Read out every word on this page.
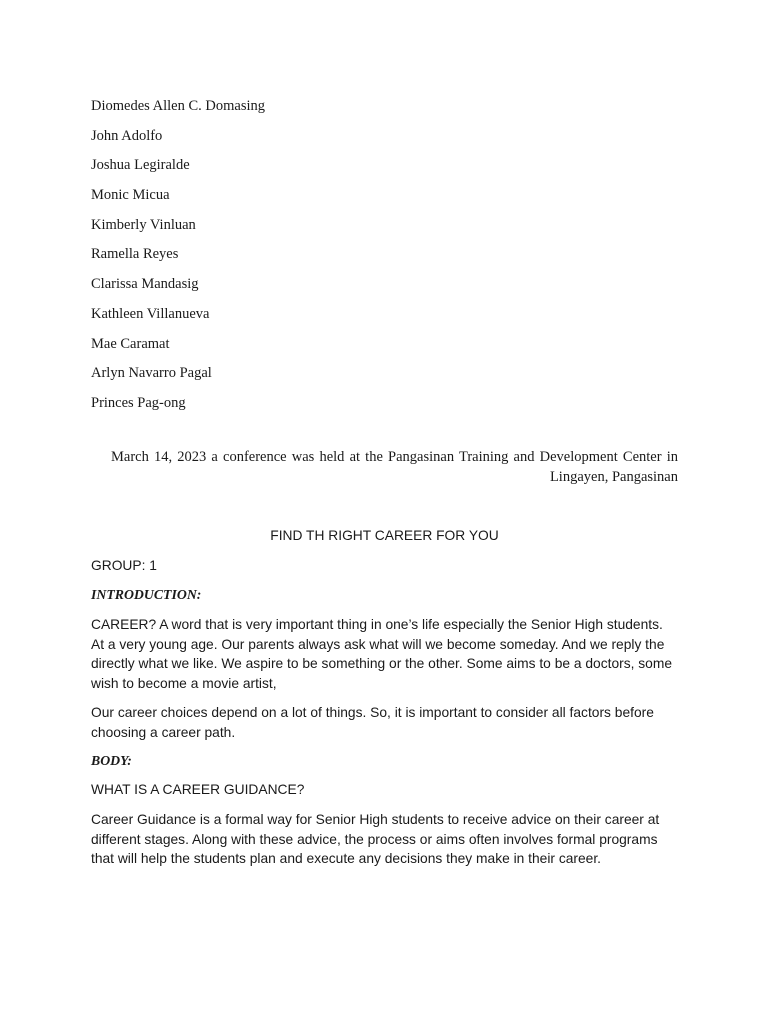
Diomedes Allen C. Domasing
John Adolfo
Joshua Legiralde
Monic Micua
Kimberly Vinluan
Ramella Reyes
Clarissa Mandasig
Kathleen Villanueva
Mae Caramat
Arlyn Navarro Pagal
Princes Pag-ong

March 14, 2023 a conference was held at the Pangasinan Training and Development Center in Lingayen, Pangasinan

FIND TH RIGHT CAREER FOR YOU

GROUP: 1

INTRODUCTION:

CAREER? A word that is very important thing in one’s life especially the Senior High students. At a very young age. Our parents always ask what will we become someday. And we reply the directly what we like. We aspire to be something or the other. Some aims to be a doctors, some wish to become a movie artist,

Our career choices depend on a lot of things. So, it is important to consider all factors before choosing a career path.

BODY:

WHAT IS A CAREER GUIDANCE?

Career Guidance is a formal way for Senior High students to receive advice on their career at different stages. Along with these advice, the process or aims often involves formal programs that will help the students plan and execute any decisions they make in their career.
